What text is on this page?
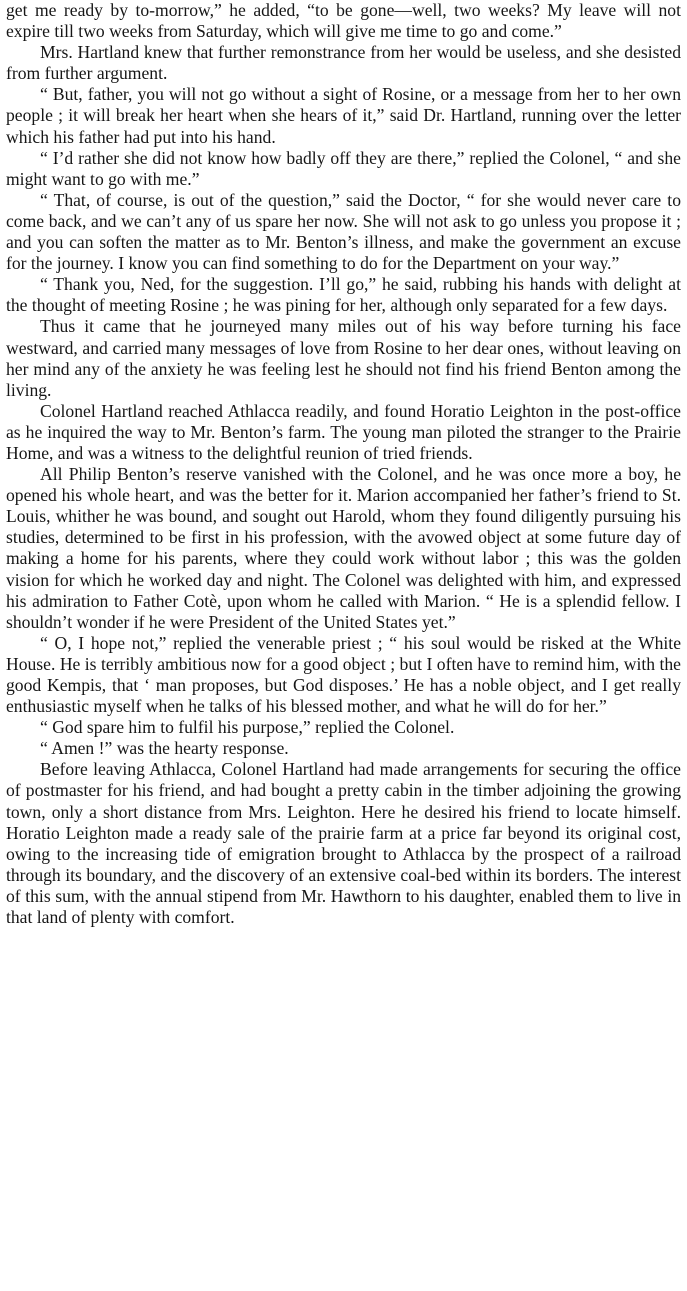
get me ready by to-morrow,” he added, “to be gone—well, two weeks? My leave will not expire till two weeks from Saturday, which will give me time to go and come.”

Mrs. Hartland knew that further remonstrance from her would be useless, and she desisted from further argument.

“ But, father, you will not go without a sight of Rosine, or a message from her to her own people ; it will break her heart when she hears of it,” said Dr. Hartland, running over the letter which his father had put into his hand.

“ I’d rather she did not know how badly off they are there,” replied the Colonel, “ and she might want to go with me.”

“ That, of course, is out of the question,” said the Doctor, “ for she would never care to come back, and we can’t any of us spare her now. She will not ask to go unless you propose it ; and you can soften the matter as to Mr. Benton’s illness, and make the government an excuse for the journey. I know you can find something to do for the Department on your way.”

“ Thank you, Ned, for the suggestion. I’ll go,” he said, rubbing his hands with delight at the thought of meeting Rosine ; he was pining for her, although only separated for a few days.

Thus it came that he journeyed many miles out of his way before turning his face westward, and carried many messages of love from Rosine to her dear ones, without leaving on her mind any of the anxiety he was feeling lest he should not find his friend Benton among the living.

Colonel Hartland reached Athlacca readily, and found Horatio Leighton in the post-office as he inquired the way to Mr. Benton’s farm. The young man piloted the stranger to the Prairie Home, and was a witness to the delightful reunion of tried friends.

All Philip Benton’s reserve vanished with the Colonel, and he was once more a boy, he opened his whole heart, and was the better for it. Marion accompanied her father’s friend to St. Louis, whither he was bound, and sought out Harold, whom they found diligently pursuing his studies, determined to be first in his profession, with the avowed object at some future day of making a home for his parents, where they could work without labor ; this was the golden vision for which he worked day and night. The Colonel was delighted with him, and expressed his admiration to Father Cotè, upon whom he called with Marion. “ He is a splendid fellow. I shouldn’t wonder if he were President of the United States yet.”

“ O, I hope not,” replied the venerable priest ; “ his soul would be risked at the White House. He is terribly ambitious now for a good object ; but I often have to remind him, with the good Kempis, that ‘ man proposes, but God disposes.’ He has a noble object, and I get really enthusiastic myself when he talks of his blessed mother, and what he will do for her.”

“ God spare him to fulfil his purpose,” replied the Colonel.

“ Amen !” was the hearty response.

Before leaving Athlacca, Colonel Hartland had made arrangements for securing the office of postmaster for his friend, and had bought a pretty cabin in the timber adjoining the growing town, only a short distance from Mrs. Leighton. Here he desired his friend to locate himself. Horatio Leighton made a ready sale of the prairie farm at a price far beyond its original cost, owing to the increasing tide of emigration brought to Athlacca by the prospect of a railroad through its boundary, and the discovery of an extensive coal-bed within its borders. The interest of this sum, with the annual stipend from Mr. Hawthorn to his daughter, enabled them to live in that land of plenty with comfort.
